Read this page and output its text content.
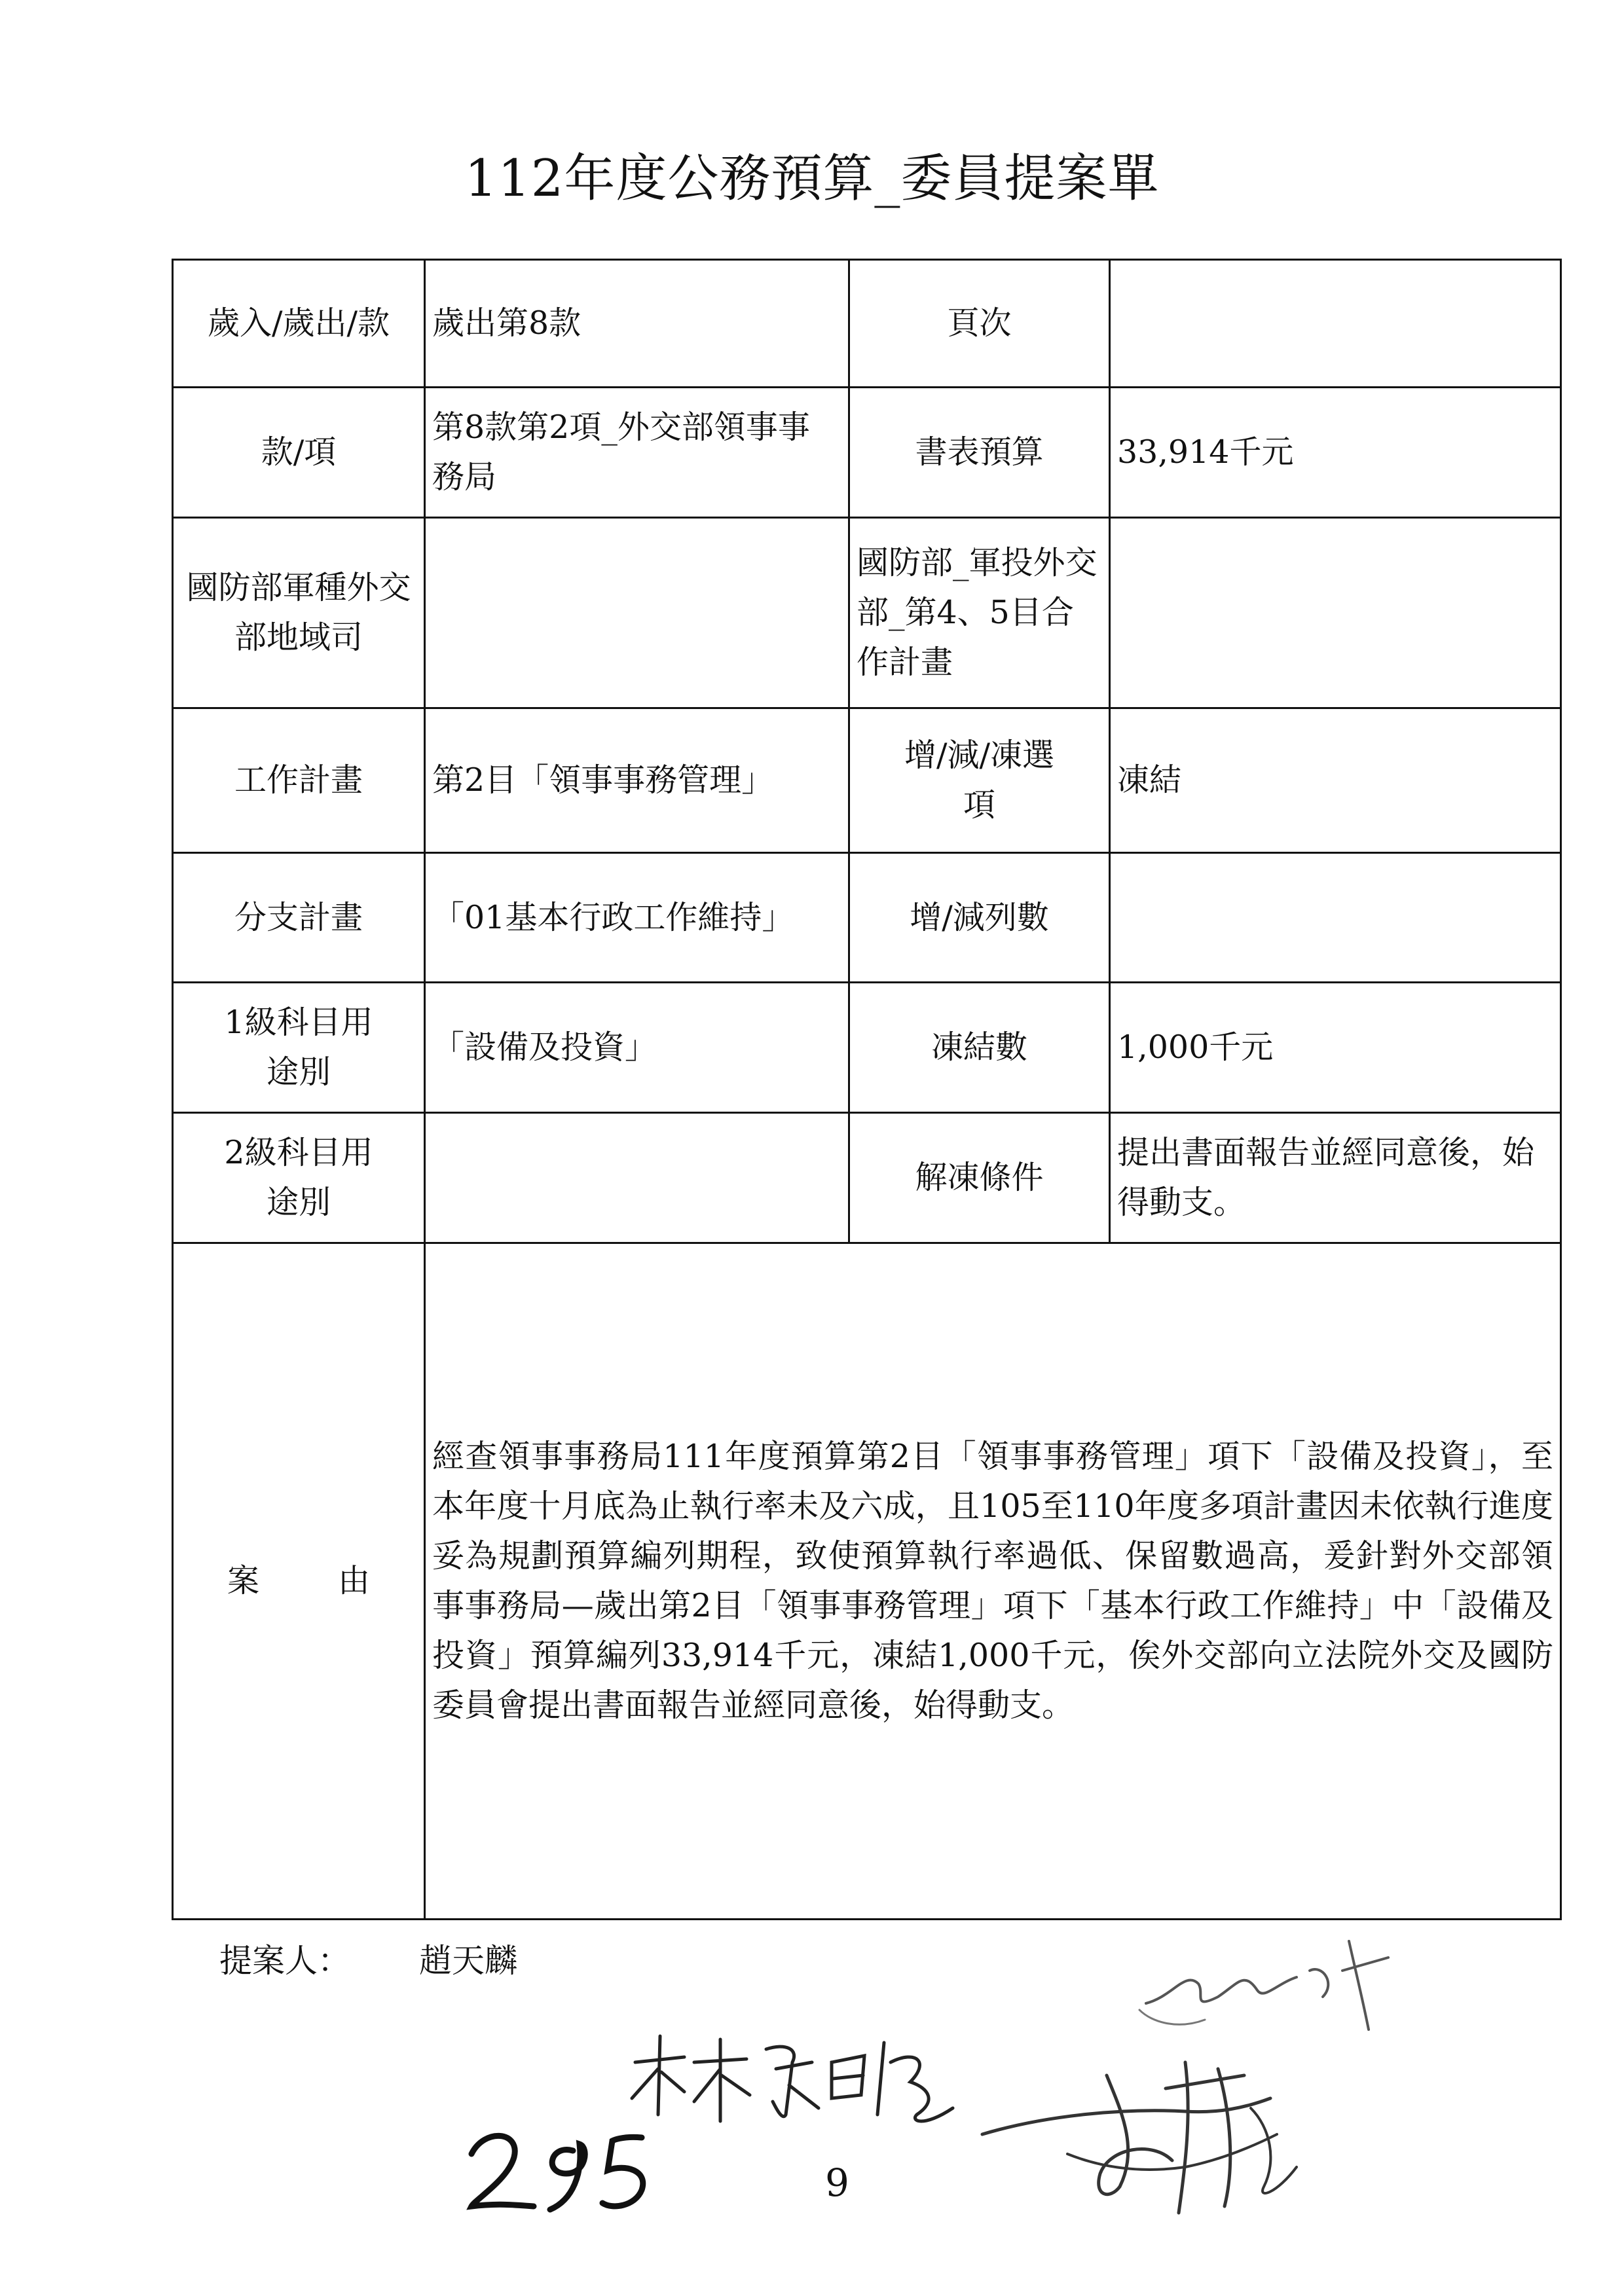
112年度公務預算_委員提案單
歲入/歲出/款	歲出第8款	頁次	
款/項	第8款第2項_外交部領事事務局	書表預算	33,914千元
國防部軍種外交部地域司		國防部_軍投外交部_第4、5目合作計畫	
工作計畫	第2目「領事事務管理」	增/減/凍選項	凍結
分支計畫	「01基本行政工作維持」	增/減列數	
1級科目用途別	「設備及投資」	凍結數	1,000千元
2級科目用途別		解凍條件	提出書面報告並經同意後，始得動支。
案 由	經查領事事務局111年度預算第2目「領事事務管理」項下「設備及投資」，至本年度十月底為止執行率未及六成，且105至110年度多項計畫因未依執行進度妥為規劃預算編列期程，致使預算執行率過低、保留數過高，爰針對外交部領事事務局—歲出第2目「領事事務管理」項下「基本行政工作維持」中「設備及投資」預算編列33,914千元，凍結1,000千元，俟外交部向立法院外交及國防委員會提出書面報告並經同意後，始得動支。		
提案人： 趙天麟
9
